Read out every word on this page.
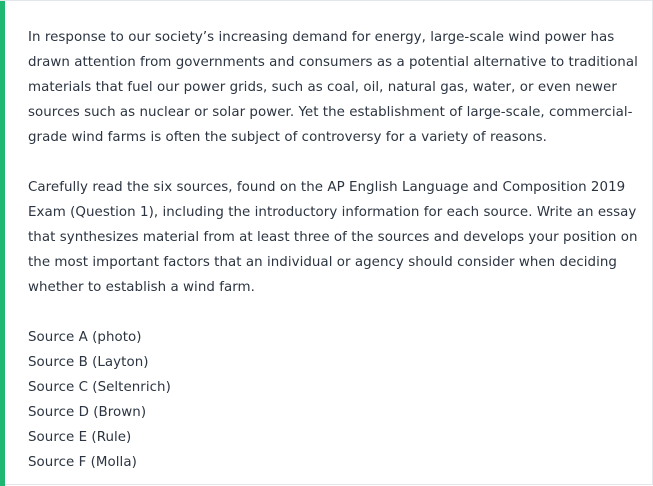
In response to our society’s increasing demand for energy, large-scale wind power has drawn attention from governments and consumers as a potential alternative to traditional materials that fuel our power grids, such as coal, oil, natural gas, water, or even newer sources such as nuclear or solar power. Yet the establishment of large-scale, commercial-grade wind farms is often the subject of controversy for a variety of reasons.

Carefully read the six sources, found on the AP English Language and Composition 2019 Exam (Question 1), including the introductory information for each source. Write an essay that synthesizes material from at least three of the sources and develops your position on the most important factors that an individual or agency should consider when deciding whether to establish a wind farm.

Source A (photo)
Source B (Layton)
Source C (Seltenrich)
Source D (Brown)
Source E (Rule)
Source F (Molla)
